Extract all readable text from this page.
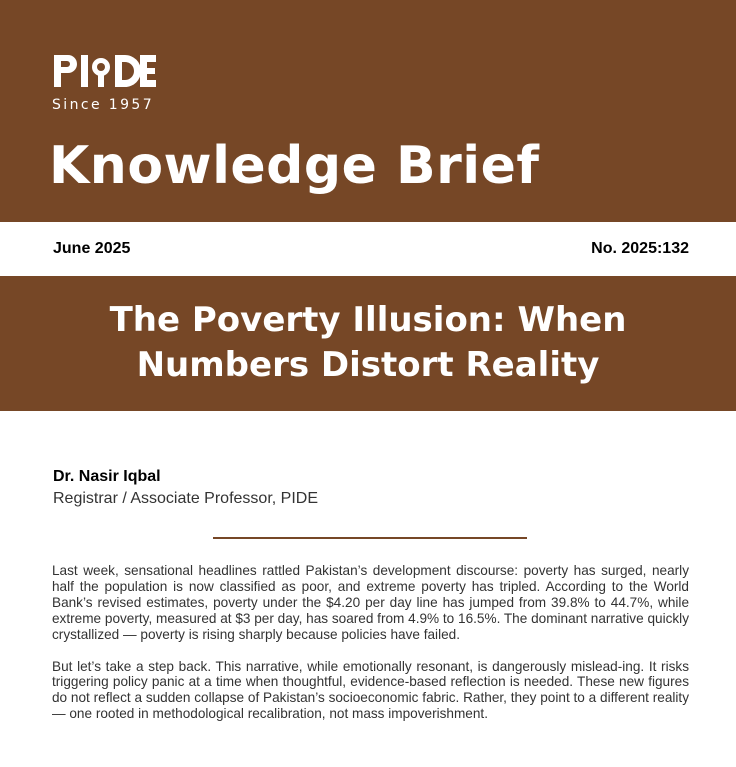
Since 1957
Knowledge Brief
June 2025	No. 2025:132
The Poverty Illusion: When
Numbers Distort Reality
Dr. Nasir Iqbal
Registrar / Associate Professor, PIDE

Last week, sensational headlines rattled Pakistan’s development discourse: poverty has surged, nearly half the population is now classified as poor, and extreme poverty has tripled. According to the World Bank’s revised estimates, poverty under the $4.20 per day line has jumped from 39.8% to 44.7%, while extreme poverty, measured at $3 per day, has soared from 4.9% to 16.5%. The dominant narrative quickly crystallized — poverty is rising sharply because policies have failed.

But let’s take a step back. This narrative, while emotionally resonant, is dangerously mislead-ing. It risks triggering policy panic at a time when thoughtful, evidence-based reflection is needed. These new figures do not reflect a sudden collapse of Pakistan’s socioeconomic fabric. Rather, they point to a different reality — one rooted in methodological recalibration, not mass impoverishment.
